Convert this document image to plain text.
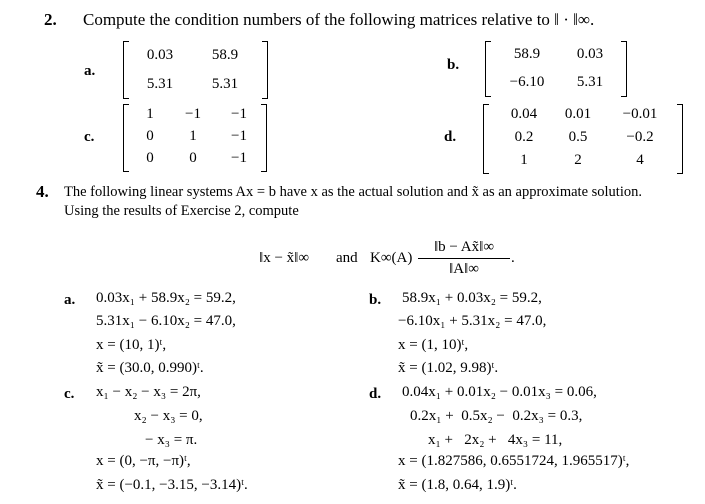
2. Compute the condition numbers of the following matrices relative to ‖ · ‖∞.
a.
0.03	58.9
5.31	5.31
b.
58.9	0.03
−6.10	5.31
c.
1	−1	−1
0	1	−1
0	0	−1
d.
0.04	0.01	−0.01
0.2	0.5	−0.2
1	2	4
4. The following linear systems Ax = b have x as the actual solution and x̃ as an approximate solution.
Using the results of Exercise 2, compute
‖x − x̃‖∞ and K∞(A)
‖b − Ax̃‖∞
‖A‖∞
.
a. 0.03x₁ + 58.9x₂ = 59.2,
5.31x₁ − 6.10x₂ = 47.0,
x = (10, 1)ᵗ,
x̃ = (30.0, 0.990)ᵗ.
b. 58.9x₁ + 0.03x₂ = 59.2,
−6.10x₁ + 5.31x₂ = 47.0,
x = (1, 10)ᵗ,
x̃ = (1.02, 9.98)ᵗ.
c. x₁ − x₂ − x₃ = 2π,
x₂ − x₃ = 0,
− x₃ = π.
x = (0, −π, −π)ᵗ,
x̃ = (−0.1, −3.15, −3.14)ᵗ.
d. 0.04x₁ + 0.01x₂ − 0.01x₃ = 0.06,
0.2x₁ +  0.5x₂ −  0.2x₃ = 0.3,
x₁ +   2x₂ +   4x₃ = 11,
x = (1.827586, 0.6551724, 1.965517)ᵗ,
x̃ = (1.8, 0.64, 1.9)ᵗ.
